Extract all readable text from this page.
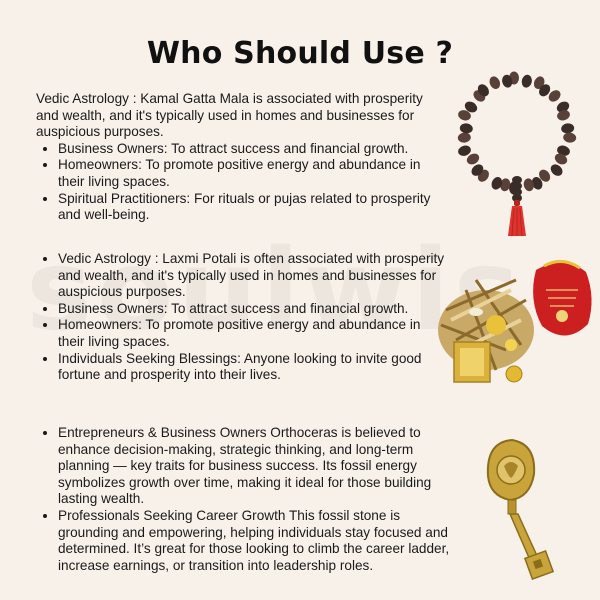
Who Should Use ?

Vedic Astrology : Kamal Gatta Mala is associated with prosperity and wealth, and it's typically used in homes and businesses for auspicious purposes.

• Business Owners: To attract success and financial growth.
• Homeowners: To promote positive energy and abundance in their living spaces.
• Spiritual Practitioners: For rituals or pujas related to prosperity and well-being.
• Vedic Astrology : Laxmi Potali is often associated with prosperity and wealth, and it's typically used in homes and businesses for auspicious purposes.
• Business Owners: To attract success and financial growth.
• Homeowners: To promote positive energy and abundance in their living spaces.
• Individuals Seeking Blessings: Anyone looking to invite good fortune and prosperity into their lives.
• Entrepreneurs & Business Owners Orthoceras is believed to enhance decision-making, strategic thinking, and long-term planning — key traits for business success. Its fossil energy symbolizes growth over time, making it ideal for those building lasting wealth.
• Professionals Seeking Career Growth This fossil stone is grounding and empowering, helping individuals stay focused and determined. It’s great for those looking to climb the career ladder, increase earnings, or transition into leadership roles.
